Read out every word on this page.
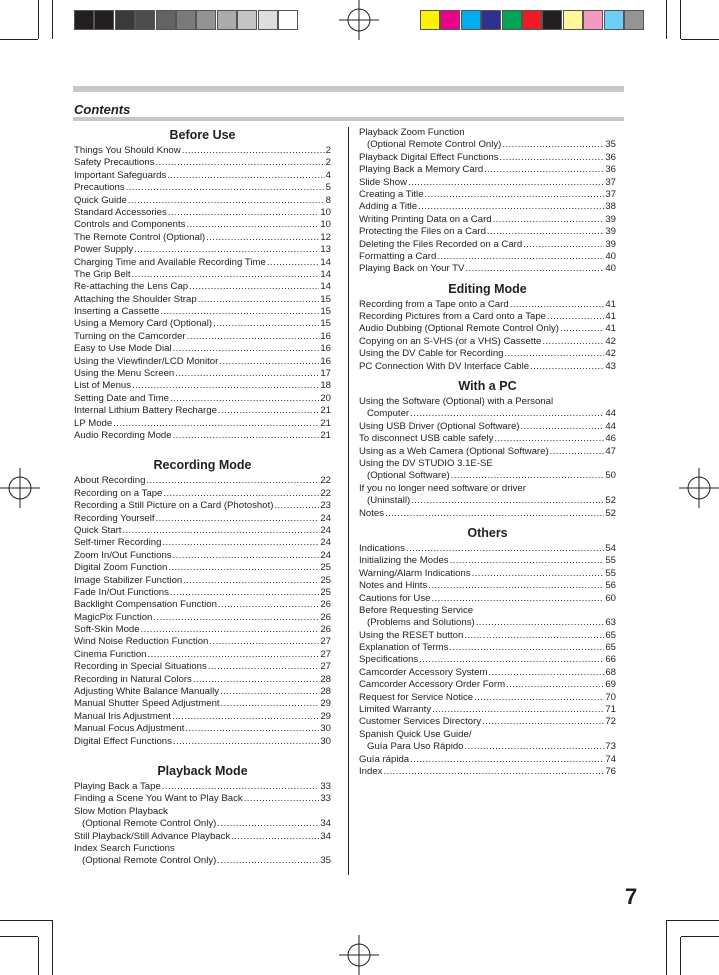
Contents
Before Use
Things You Should Know .....	2
Safety Precautions .....	2
Important Safeguards .....	4
Precautions .....	5
Quick Guide .....	8
Standard Accessories .....	10
Controls and Components .....	10
The Remote Control (Optional) .....	12
Power Supply .....	13
Charging Time and Available Recording Time .....	14
The Grip Belt .....	14
Re-attaching the Lens Cap .....	14
Attaching the Shoulder Strap .....	15
Inserting a Cassette .....	15
Using a Memory Card (Optional) .....	15
Turning on the Camcorder .....	16
Easy to Use Mode Dial .....	16
Using the Viewfinder/LCD Monitor .....	16
Using the Menu Screen .....	17
List of Menus .....	18
Setting Date and Time .....	20
Internal Lithium Battery Recharge .....	21
LP Mode .....	21
Audio Recording Mode .....	21
Recording Mode
About Recording .....	22
Recording on a Tape .....	22
Recording a Still Picture on a Card (Photoshot) .....	23
Recording Yourself .....	24
Quick Start .....	24
Self-timer Recording .....	24
Zoom In/Out Functions .....	24
Digital Zoom Function .....	25
Image Stabilizer Function .....	25
Fade In/Out Functions .....	25
Backlight Compensation Function .....	26
MagicPix Function .....	26
Soft-Skin Mode .....	26
Wind Noise Reduction Function .....	27
Cinema Function .....	27
Recording in Special Situations .....	27
Recording in Natural Colors .....	28
Adjusting White Balance Manually .....	28
Manual Shutter Speed Adjustment .....	29
Manual Iris Adjustment .....	29
Manual Focus Adjustment .....	30
Digital Effect Functions .....	30
Playback Mode
Playing Back a Tape .....	33
Finding a Scene You Want to Play Back .....	33
Slow Motion Playback
(Optional Remote Control Only) .....	34
Still Playback/Still Advance Playback .....	34
Index Search Functions
(Optional Remote Control Only) .....	35
Playback Zoom Function
(Optional Remote Control Only) .....	35
Playback Digital Effect Functions .....	36
Playing Back a Memory Card .....	36
Slide Show .....	37
Creating a Title .....	37
Adding a Title .....	38
Writing Printing Data on a Card .....	39
Protecting the Files on a Card .....	39
Deleting the Files Recorded on a Card .....	39
Formatting a Card .....	40
Playing Back on Your TV .....	40
Editing Mode
Recording from a Tape onto a Card .....	41
Recording Pictures from a Card onto a Tape .....	41
Audio Dubbing (Optional Remote Control Only) .....	41
Copying on an S-VHS (or a VHS) Cassette .....	42
Using the DV Cable for Recording .....	42
PC Connection With DV Interface Cable .....	43
With a PC
Using the Software (Optional) with a Personal
Computer .....	44
Using USB Driver (Optional Software) .....	44
To disconnect USB cable safely .....	46
Using as a Web Camera (Optional Software) .....	47
Using the DV STUDIO 3.1E-SE
(Optional Software) .....	50
If you no longer need software or driver
(Uninstall) .....	52
Notes .....	52
Others
Indications .....	54
Initializing the Modes .....	55
Warning/Alarm Indications .....	55
Notes and Hints .....	56
Cautions for Use .....	60
Before Requesting Service
(Problems and Solutions) .....	63
Using the RESET button .....	65
Explanation of Terms .....	65
Specifications .....	66
Camcorder Accessory System .....	68
Camcorder Accessory Order Form .....	69
Request for Service Notice .....	70
Limited Warranty .....	71
Customer Services Directory .....	72
Spanish Quick Use Guide/
Guía Para Uso Rápido .....	73
Guía rápida .....	74
Index .....	76
7
